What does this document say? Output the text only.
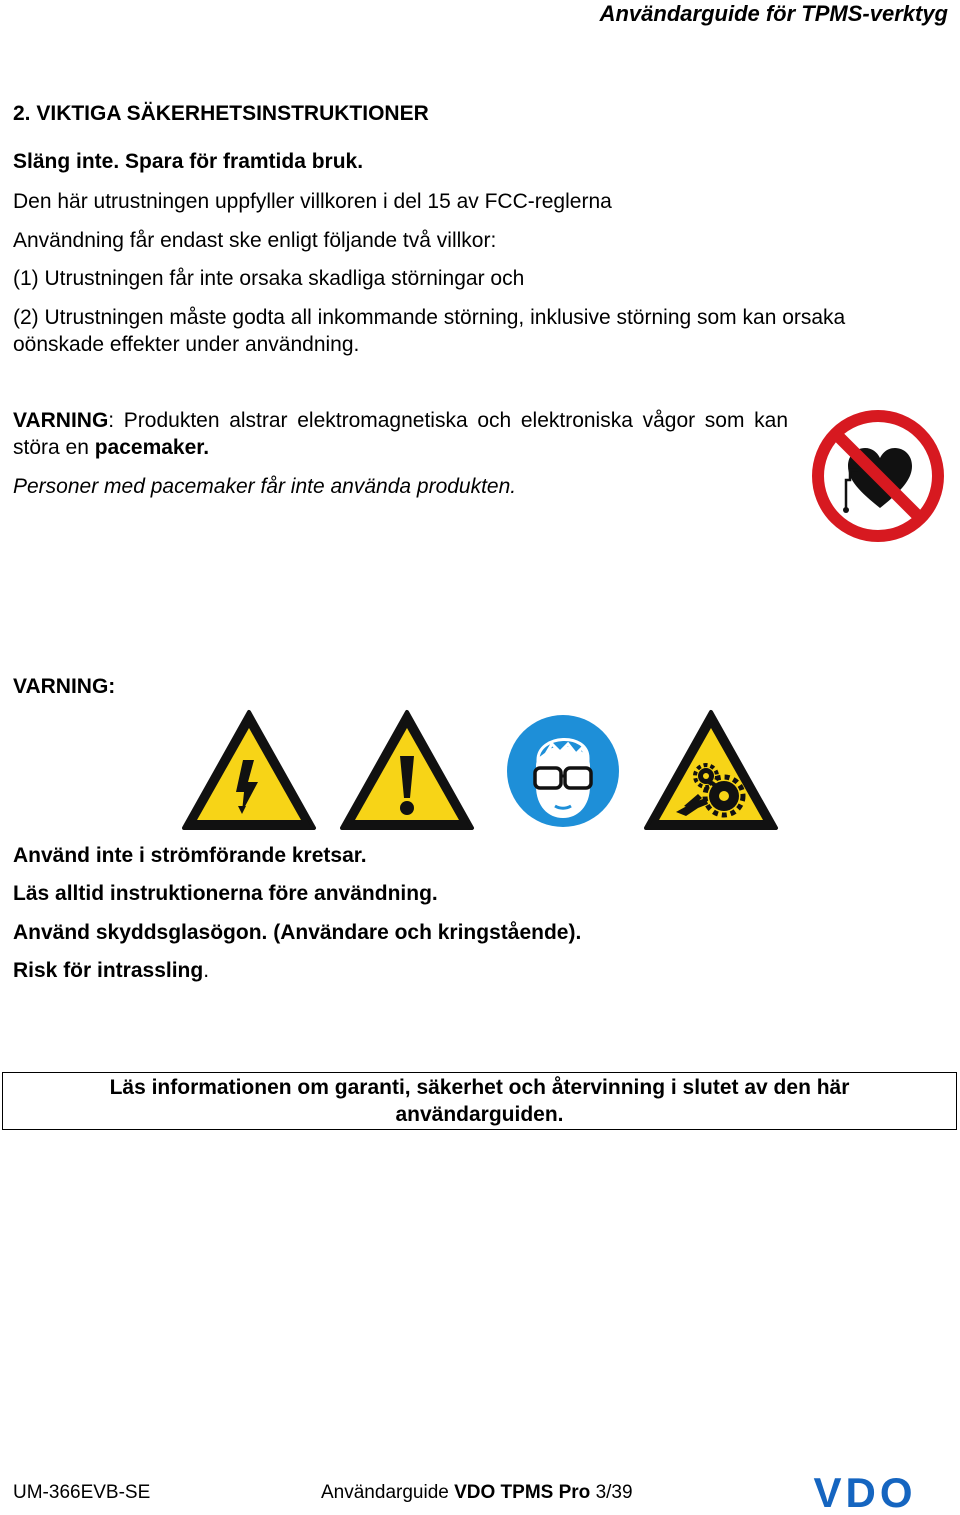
Användarguide för TPMS-verktyg
2. VIKTIGA SÄKERHETSINSTRUKTIONER
Släng inte. Spara för framtida bruk.
Den här utrustningen uppfyller villkoren i del 15 av FCC-reglerna
Användning får endast ske enligt följande två villkor:
(1) Utrustningen får inte orsaka skadliga störningar och
(2) Utrustningen måste godta all inkommande störning, inklusive störning som kan orsaka
oönskade effekter under användning.
VARNING: Produkten alstrar elektromagnetiska och elektroniska vågor som kan störa en pacemaker.
Personer med pacemaker får inte använda produkten.
VARNING:
Använd inte i strömförande kretsar.
Läs alltid instruktionerna före användning.
Använd skyddsglasögon. (Användare och kringstående).
Risk för intrassling.
Läs informationen om garanti, säkerhet och återvinning i slutet av den här användarguiden.
UM-366EVB-SE	Användarguide VDO TPMS Pro 3/39	VDO
